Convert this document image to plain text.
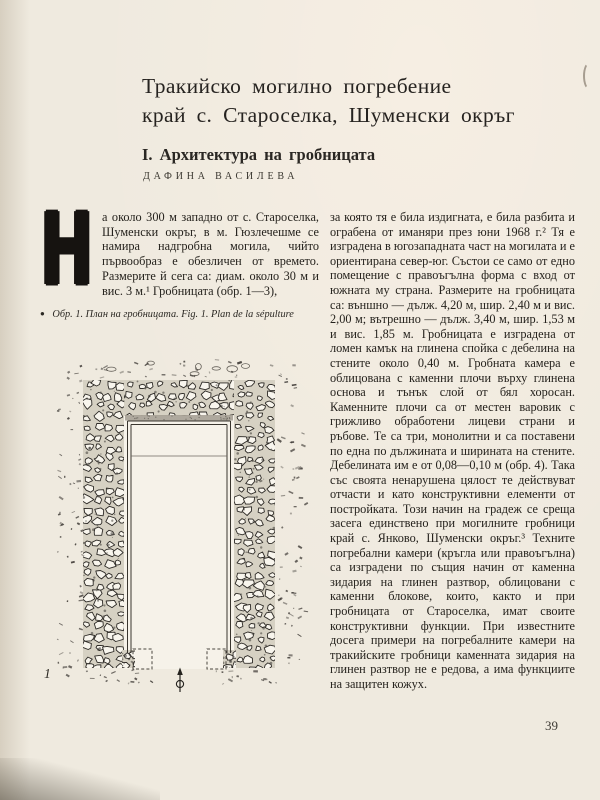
Тракийско могилно погребение
край с. Староселка, Шуменски окръг
I. Архитектура на гробницата
ДАФИНА ВАСИЛЕВА
Н а около 300 м западно от с. Староселка, Шуменски окръг, в м. Гюзлечешме се намира надгробна могила, чийто първообраз е обезличен от времето. Размерите й сега са: диам. около 30 м и вис. 3 м.¹ Гробницата (обр. 1—3),
● Обр. 1. План на гробницата. Fig. 1. Plan de la sépulture
за която тя е била издигната, е била разбита и ограбена от иманяри през юни 1968 г.² Тя е изградена в югозападната част на могилата и е ориентирана север-юг. Състои се само от едно помещение с правоъгълна форма с вход от южната му страна. Размерите на гробницата са: външно — дълж. 4,20 м, шир. 2,40 м и вис. 2,00 м; вътрешно — дълж. 3,40 м, шир. 1,53 м и вис. 1,85 м. Гробницата е изградена от ломен камък на глинена спойка с дебелина на стените около 0,40 м. Гробната камера е облицована с каменни плочи върху глинена основа и тънък слой от бял хоросан. Каменните плочи са от местен варовик с грижливо обработени лицеви страни и ръбове. Те са три, монолитни и са поставени по една по дължината и ширината на стените. Дебелината им е от 0,08—0,10 м (обр. 4). Така със своята ненарушена цялост те действуват отчасти и като конструктивни елементи от постройката. Този начин на градеж се среща засега единствено при могилните гробници край с. Янково, Шуменски окръг.³ Техните погребални камери (кръгла или правоъгълна) са изградени по същия начин от каменна зидария на глинен разтвор, облицовани с каменни блокове, които, както и при гробницата от Староселка, имат своите конструктивни функции. При известните досега примери на погребалните камери на тракийските гробници каменната зидария на глинен разтвор не е редова, а има функциите на защитен кожух.
1
39
